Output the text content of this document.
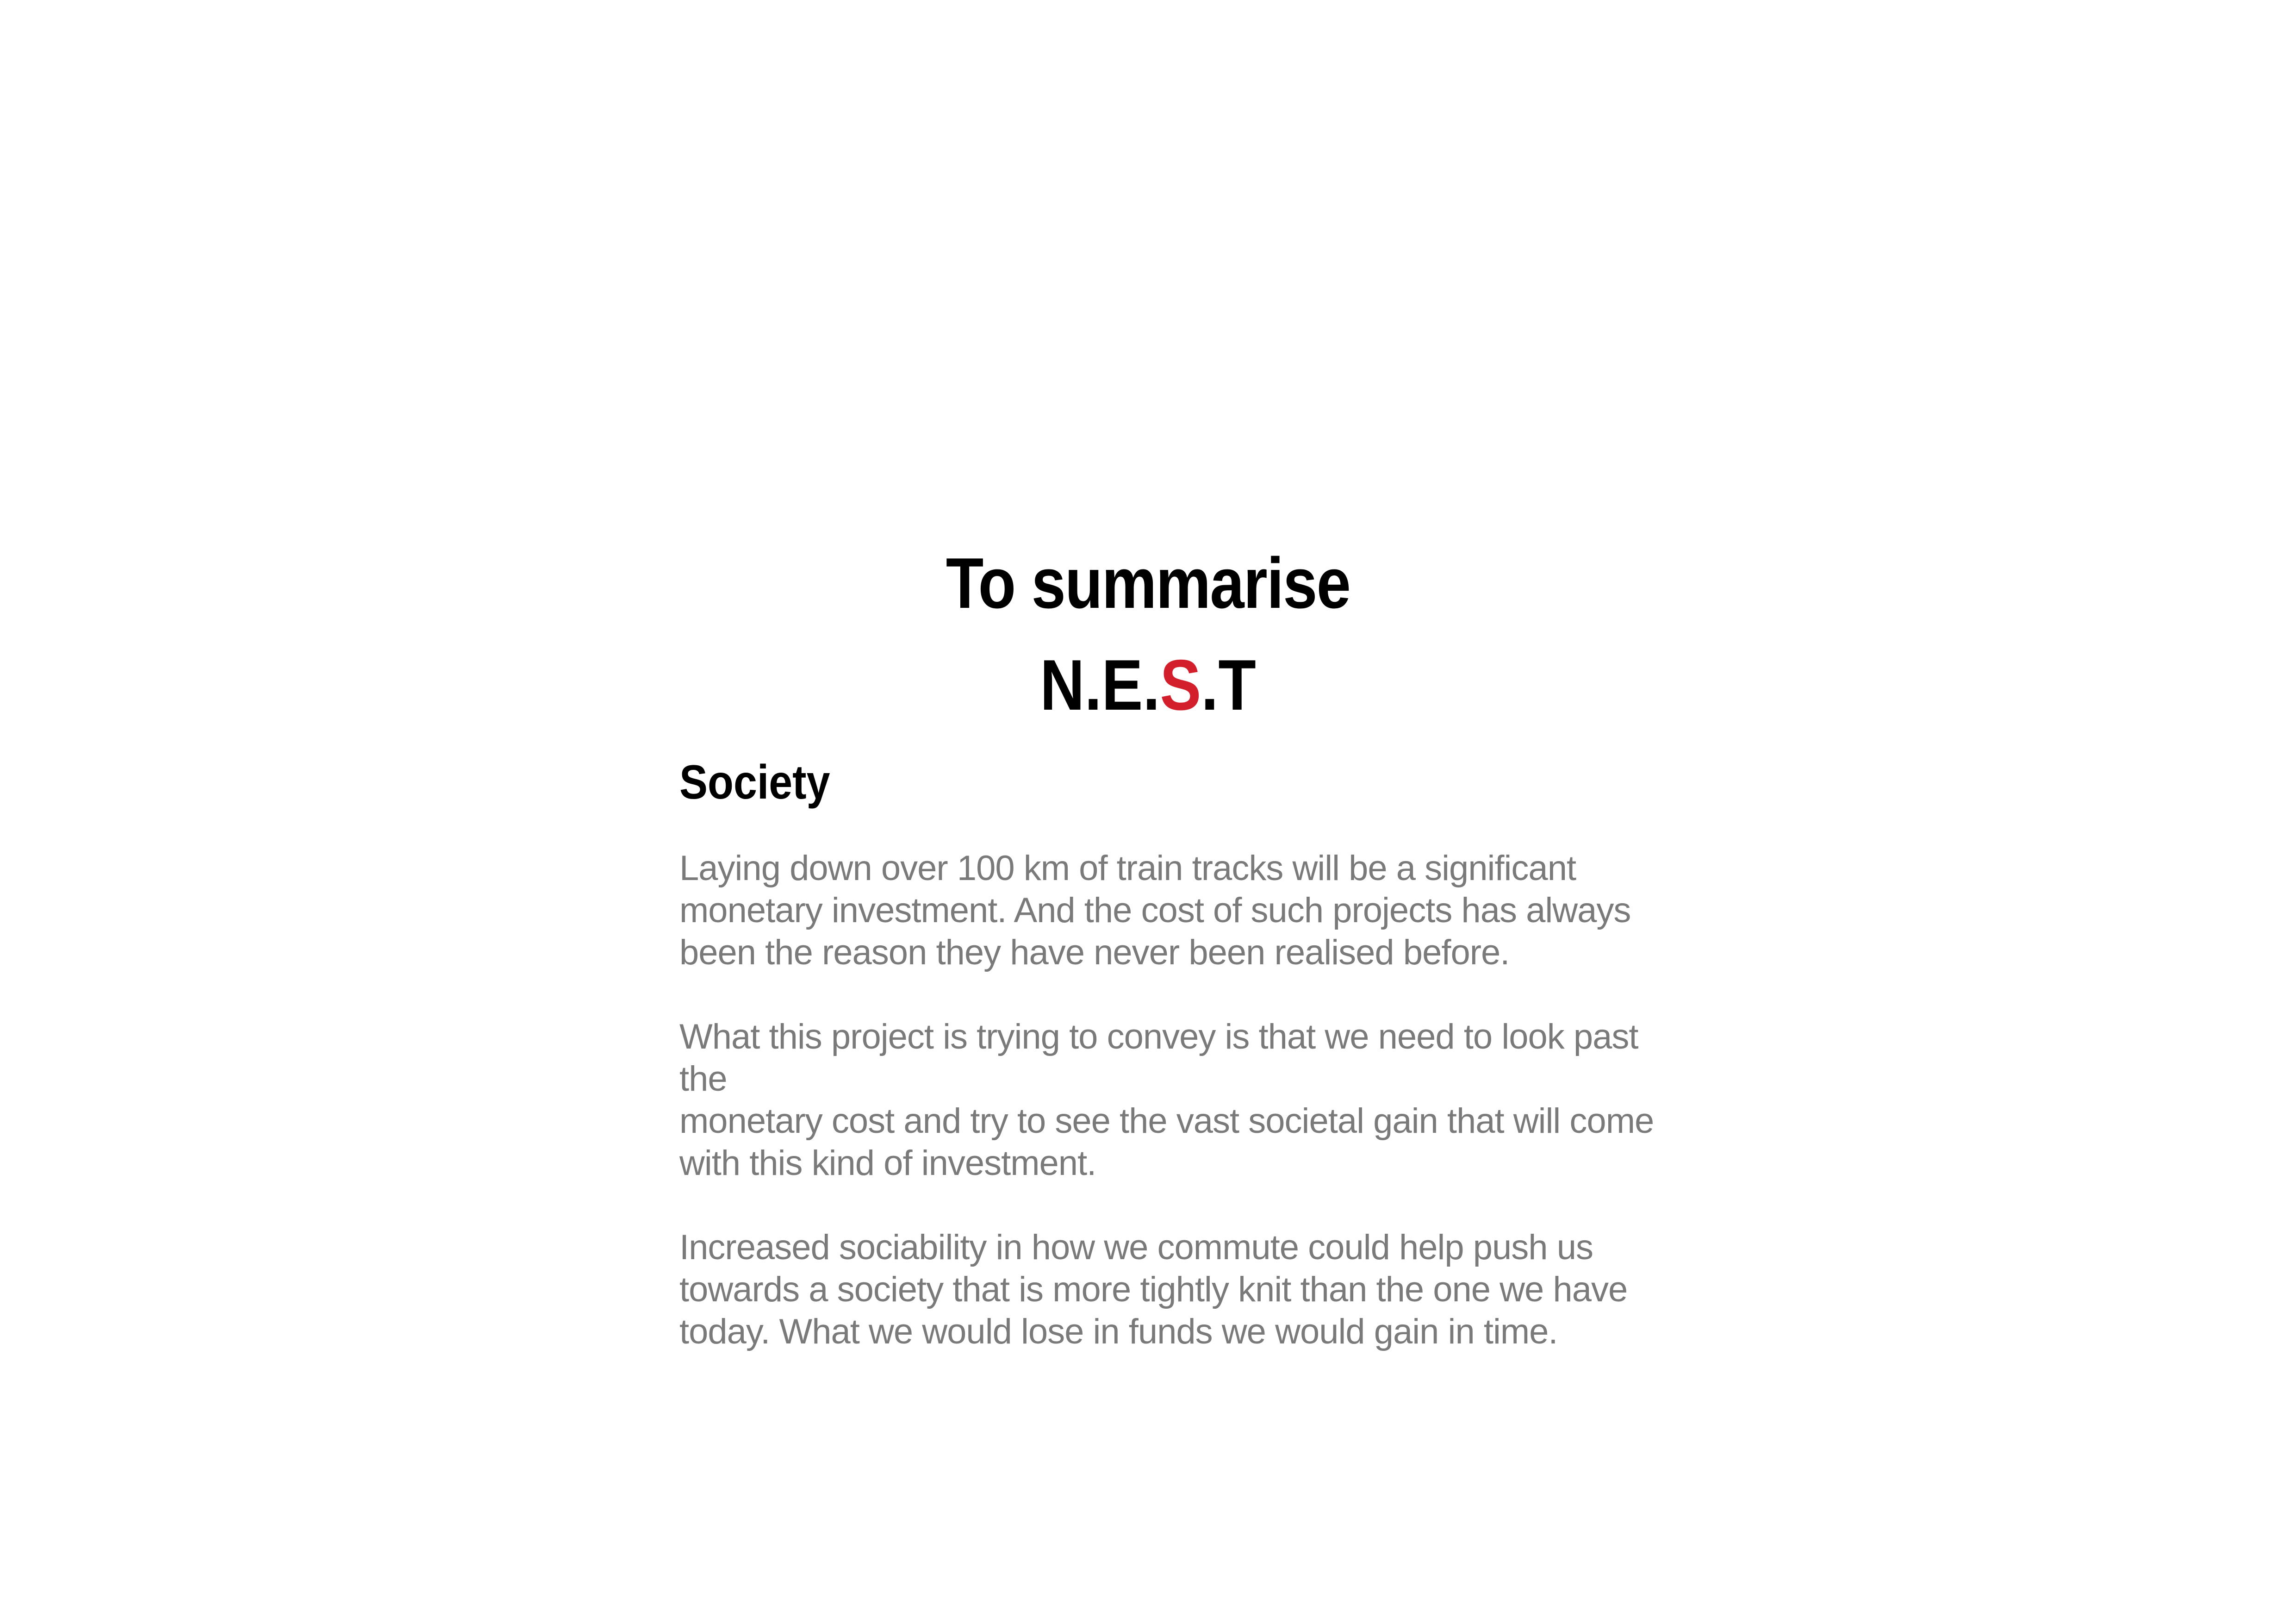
To summarise
N.E.S.T
Society

Laying down over 100 km of train tracks will be a significant
monetary investment. And the cost of such projects has always
been the reason they have never been realised before.

What this project is trying to convey is that we need to look past the
monetary cost and try to see the vast societal gain that will come
with this kind of investment.

Increased sociability in how we commute could help push us
towards a society that is more tightly knit than the one we have
today. What we would lose in funds we would gain in time.
